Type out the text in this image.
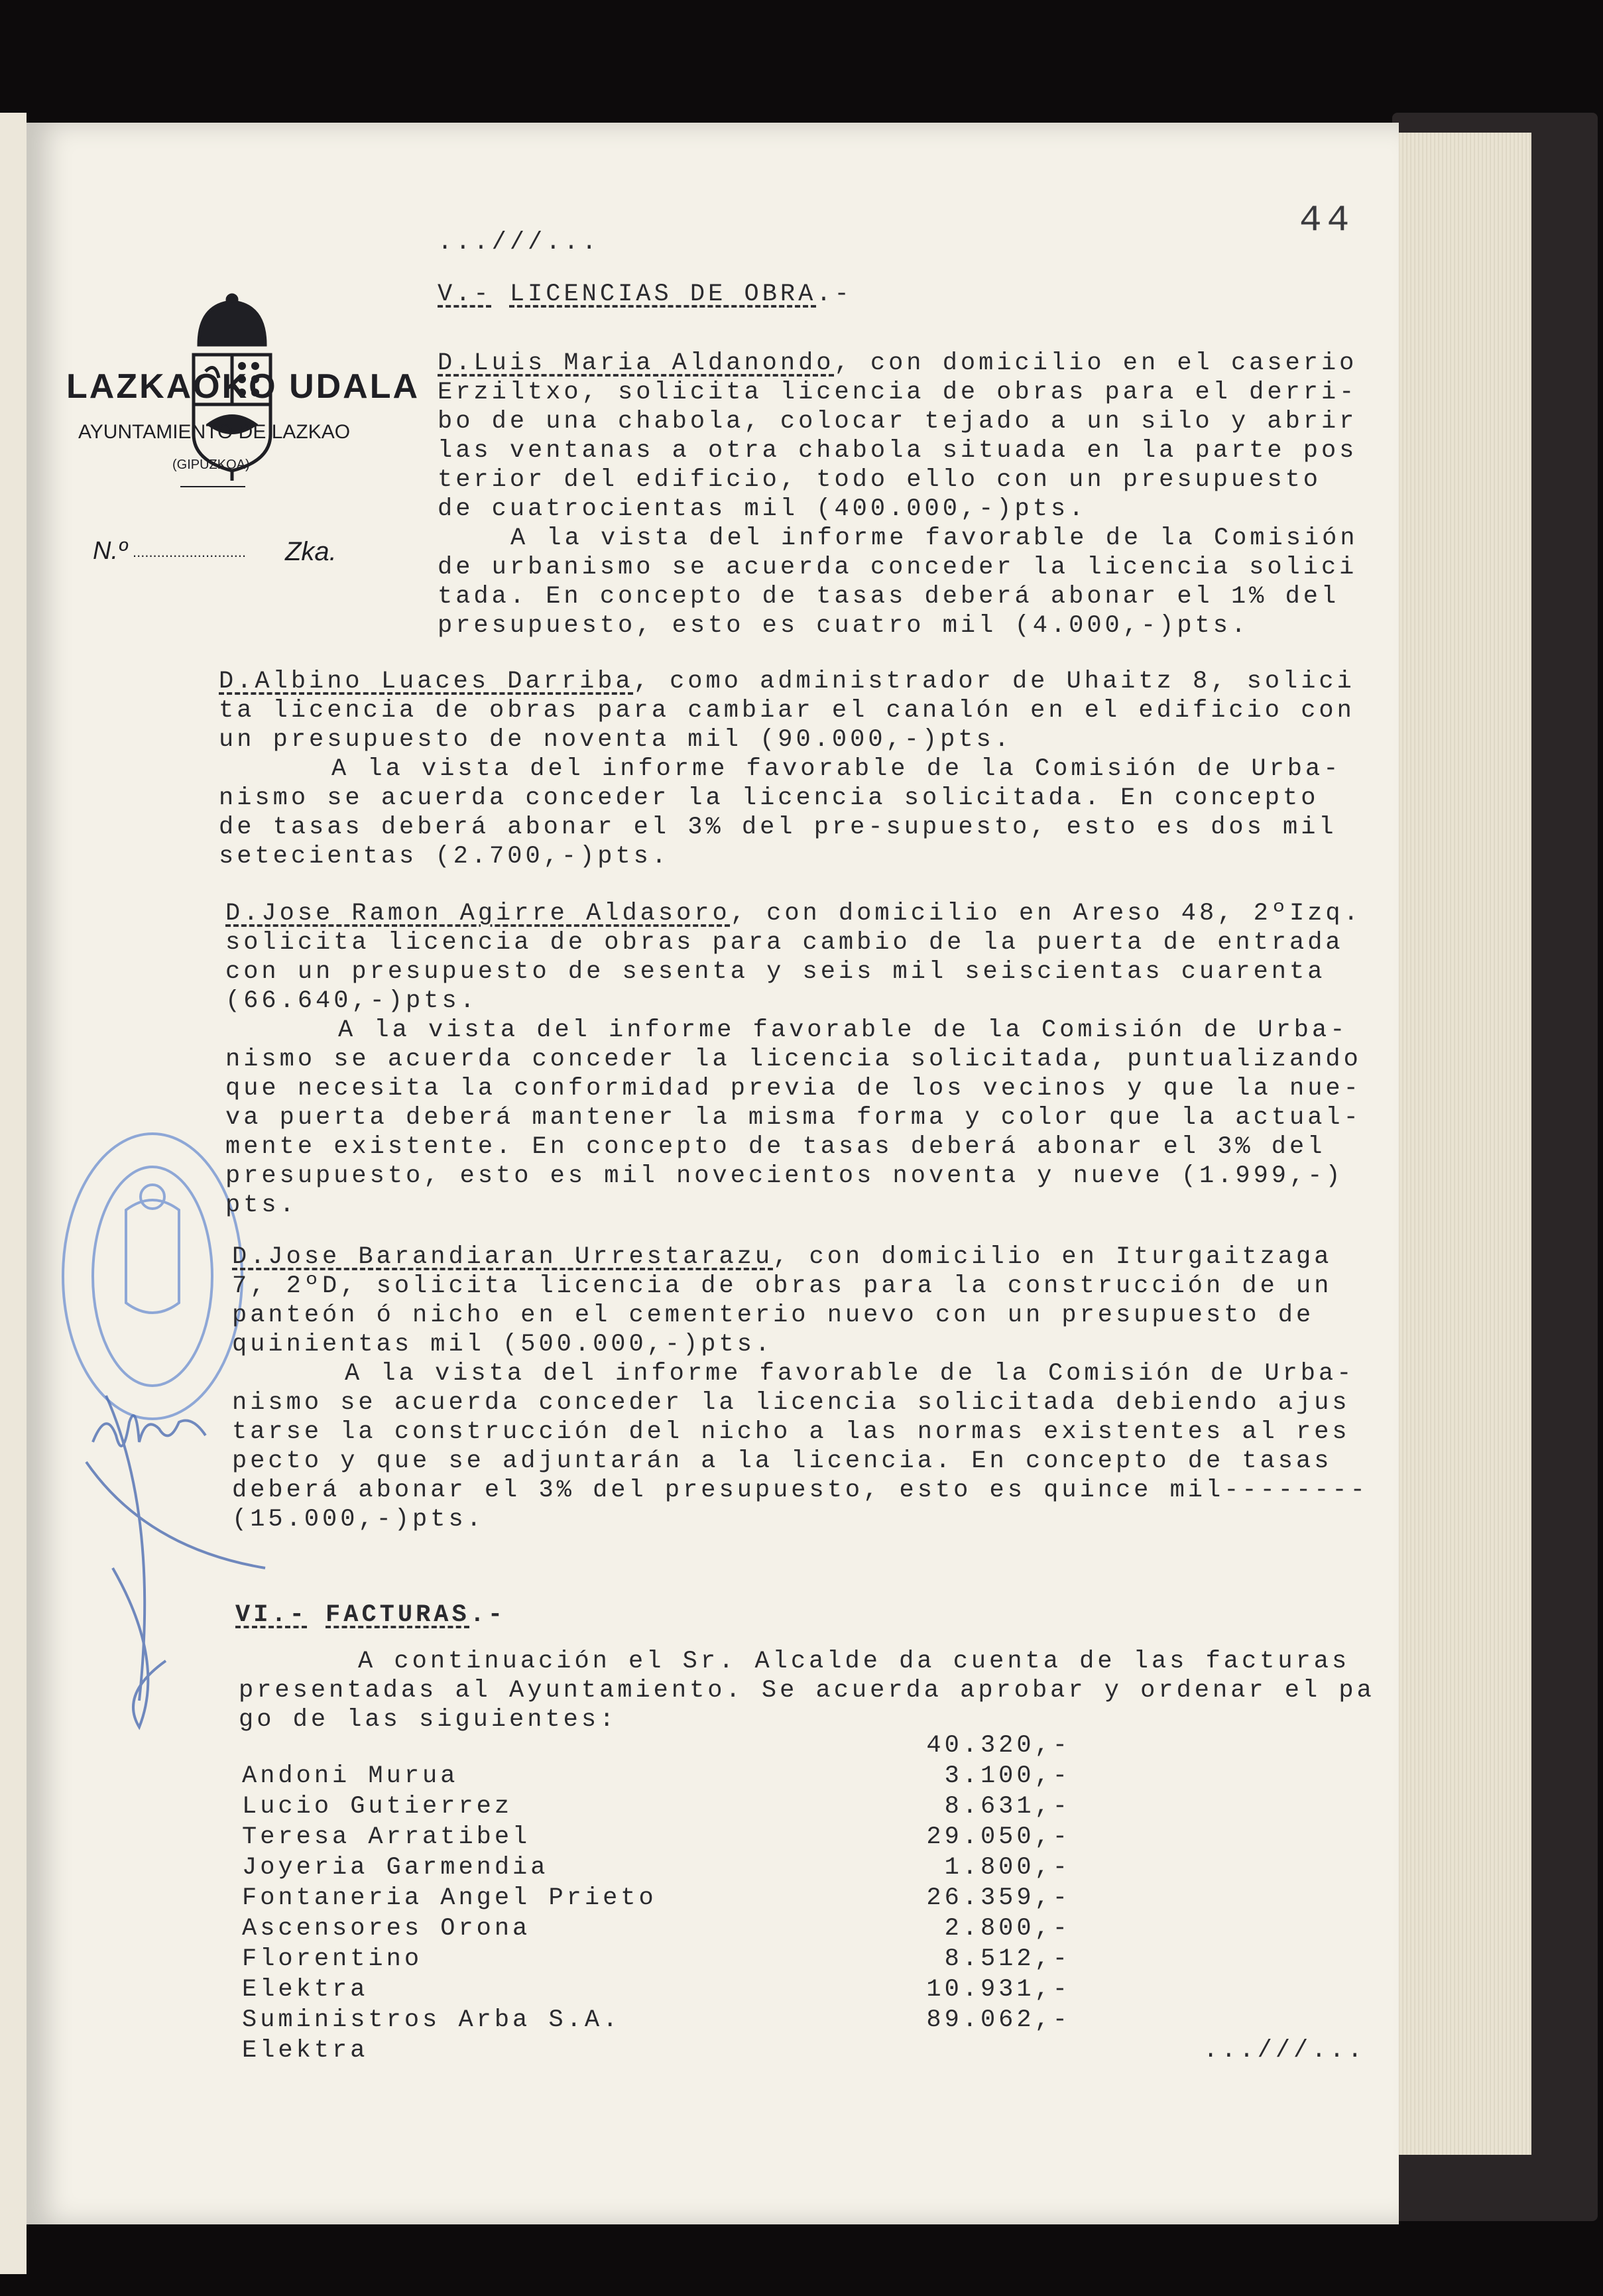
LAZKAOKO UDALA
AYUNTAMIENTO DE LAZKAO
(GIPUZKOA)
N.º ............................ Zka.
44
...///...
V.- LICENCIAS DE OBRA.-
D.Luis Maria Aldanondo, con domicilio en el caserio
Erziltxo, solicita licencia de obras para el derri-
bo de una chabola, colocar tejado a un silo y abrir
las ventanas a otra chabola situada en la parte pos
terior del edificio, todo ello con un presupuesto
de cuatrocientas mil (400.000,-)pts.
A la vista del informe favorable de la Comisión
de urbanismo se acuerda conceder la licencia solici
tada. En concepto de tasas deberá abonar el 1% del
presupuesto, esto es cuatro mil (4.000,-)pts.
D.Albino Luaces Darriba, como administrador de Uhaitz 8, solici
ta licencia de obras para cambiar el canalón en el edificio con
un presupuesto de noventa mil (90.000,-)pts.
A la vista del informe favorable de la Comisión de Urba-
nismo se acuerda conceder la licencia solicitada. En concepto
de tasas deberá abonar el 3% del pre-supuesto, esto es dos mil
setecientas (2.700,-)pts.
D.Jose Ramon Agirre Aldasoro, con domicilio en Areso 48, 2ºIzq.
solicita licencia de obras para cambio de la puerta de entrada
con un presupuesto de sesenta y seis mil seiscientas cuarenta
(66.640,-)pts.
A la vista del informe favorable de la Comisión de Urba-
nismo se acuerda conceder la licencia solicitada, puntualizando
que necesita la conformidad previa de los vecinos y que la nue-
va puerta deberá mantener la misma forma y color que la actual-
mente existente. En concepto de tasas deberá abonar el 3% del
presupuesto, esto es mil novecientos noventa y nueve (1.999,-)
pts.
D.Jose Barandiaran Urrestarazu, con domicilio en Iturgaitzaga
7, 2ºD, solicita licencia de obras para la construcción de un
panteón ó nicho en el cementerio nuevo con un presupuesto de
quinientas mil (500.000,-)pts.
A la vista del informe favorable de la Comisión de Urba-
nismo se acuerda conceder la licencia solicitada debiendo ajus
tarse la construcción del nicho a las normas existentes al res
pecto y que se adjuntarán a la licencia. En concepto de tasas
deberá abonar el 3% del presupuesto, esto es quince mil--------
(15.000,-)pts.
VI.- FACTURAS.-
A continuación el Sr. Alcalde da cuenta de las facturas
presentadas al Ayuntamiento. Se acuerda aprobar y ordenar el pa
go de las siguientes:
Andoni Murua
Lucio Gutierrez
Teresa Arratibel
Joyeria Garmendia
Fontaneria Angel Prieto
Ascensores Orona
Florentino
Elektra
Suministros Arba S.A.
Elektra
40.320,-
3.100,-
8.631,-
29.050,-
1.800,-
26.359,-
2.800,-
8.512,-
10.931,-
89.062,-
...///...
